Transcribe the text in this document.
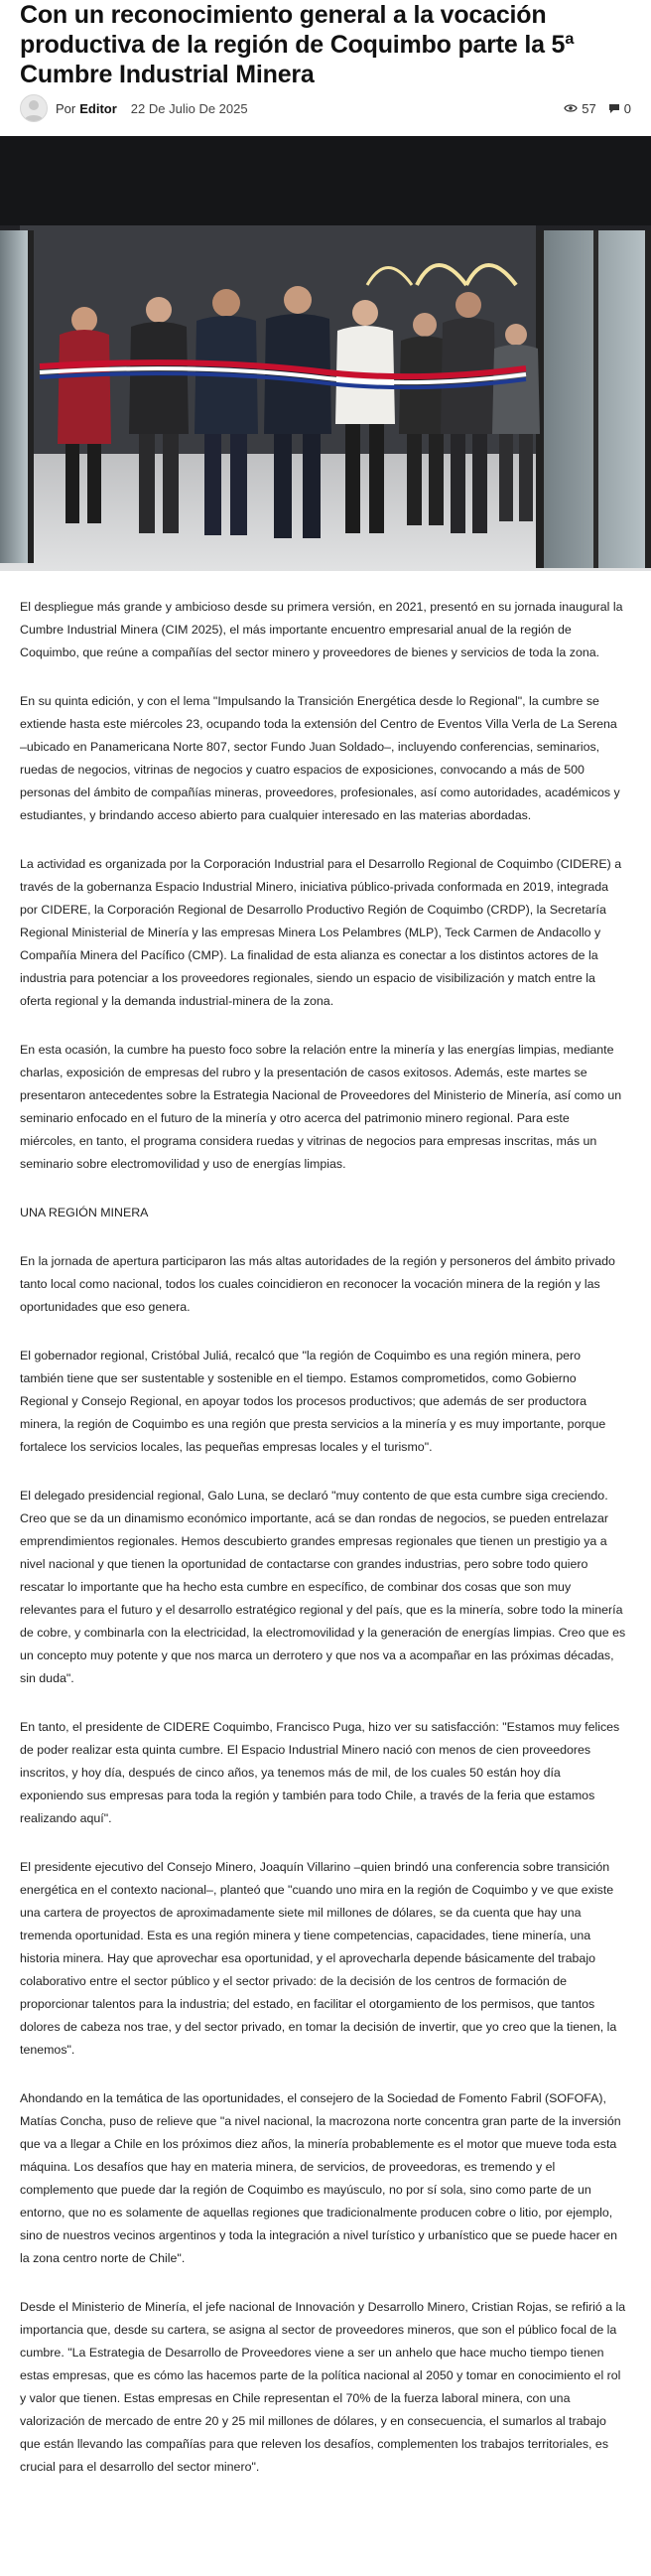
Con un reconocimiento general a la vocación productiva de la región de Coquimbo parte la 5ª Cumbre Industrial Minera
Por Editor 22 De Julio De 2025	57 0

El despliegue más grande y ambicioso desde su primera versión, en 2021, presentó en su jornada inaugural la Cumbre Industrial Minera (CIM 2025), el más importante encuentro empresarial anual de la región de Coquimbo, que reúne a compañías del sector minero y proveedores de bienes y servicios de toda la zona.

En su quinta edición, y con el lema "Impulsando la Transición Energética desde lo Regional", la cumbre se extiende hasta este miércoles 23, ocupando toda la extensión del Centro de Eventos Villa Verla de La Serena –ubicado en Panamericana Norte 807, sector Fundo Juan Soldado–, incluyendo conferencias, seminarios, ruedas de negocios, vitrinas de negocios y cuatro espacios de exposiciones, convocando a más de 500 personas del ámbito de compañías mineras, proveedores, profesionales, así como autoridades, académicos y estudiantes, y brindando acceso abierto para cualquier interesado en las materias abordadas.

La actividad es organizada por la Corporación Industrial para el Desarrollo Regional de Coquimbo (CIDERE) a través de la gobernanza Espacio Industrial Minero, iniciativa público-privada conformada en 2019, integrada por CIDERE, la Corporación Regional de Desarrollo Productivo Región de Coquimbo (CRDP), la Secretaría Regional Ministerial de Minería y las empresas Minera Los Pelambres (MLP), Teck Carmen de Andacollo y Compañía Minera del Pacífico (CMP). La finalidad de esta alianza es conectar a los distintos actores de la industria para potenciar a los proveedores regionales, siendo un espacio de visibilización y match entre la oferta regional y la demanda industrial-minera de la zona.

En esta ocasión, la cumbre ha puesto foco sobre la relación entre la minería y las energías limpias, mediante charlas, exposición de empresas del rubro y la presentación de casos exitosos. Además, este martes se presentaron antecedentes sobre la Estrategia Nacional de Proveedores del Ministerio de Minería, así como un seminario enfocado en el futuro de la minería y otro acerca del patrimonio minero regional. Para este miércoles, en tanto, el programa considera ruedas y vitrinas de negocios para empresas inscritas, más un seminario sobre electromovilidad y uso de energías limpias.

UNA REGIÓN MINERA

En la jornada de apertura participaron las más altas autoridades de la región y personeros del ámbito privado tanto local como nacional, todos los cuales coincidieron en reconocer la vocación minera de la región y las oportunidades que eso genera.

El gobernador regional, Cristóbal Juliá, recalcó que "la región de Coquimbo es una región minera, pero también tiene que ser sustentable y sostenible en el tiempo. Estamos comprometidos, como Gobierno Regional y Consejo Regional, en apoyar todos los procesos productivos; que además de ser productora minera, la región de Coquimbo es una región que presta servicios a la minería y es muy importante, porque fortalece los servicios locales, las pequeñas empresas locales y el turismo".

El delegado presidencial regional, Galo Luna, se declaró "muy contento de que esta cumbre siga creciendo. Creo que se da un dinamismo económico importante, acá se dan rondas de negocios, se pueden entrelazar emprendimientos regionales. Hemos descubierto grandes empresas regionales que tienen un prestigio ya a nivel nacional y que tienen la oportunidad de contactarse con grandes industrias, pero sobre todo quiero rescatar lo importante que ha hecho esta cumbre en específico, de combinar dos cosas que son muy relevantes para el futuro y el desarrollo estratégico regional y del país, que es la minería, sobre todo la minería de cobre, y combinarla con la electricidad, la electromovilidad y la generación de energías limpias. Creo que es un concepto muy potente y que nos marca un derrotero y que nos va a acompañar en las próximas décadas, sin duda".

En tanto, el presidente de CIDERE Coquimbo, Francisco Puga, hizo ver su satisfacción: "Estamos muy felices de poder realizar esta quinta cumbre. El Espacio Industrial Minero nació con menos de cien proveedores inscritos, y hoy día, después de cinco años, ya tenemos más de mil, de los cuales 50 están hoy día exponiendo sus empresas para toda la región y también para todo Chile, a través de la feria que estamos realizando aquí".

El presidente ejecutivo del Consejo Minero, Joaquín Villarino –quien brindó una conferencia sobre transición energética en el contexto nacional–, planteó que "cuando uno mira en la región de Coquimbo y ve que existe una cartera de proyectos de aproximadamente siete mil millones de dólares, se da cuenta que hay una tremenda oportunidad. Esta es una región minera y tiene competencias, capacidades, tiene minería, una historia minera. Hay que aprovechar esa oportunidad, y el aprovecharla depende básicamente del trabajo colaborativo entre el sector público y el sector privado: de la decisión de los centros de formación de proporcionar talentos para la industria; del estado, en facilitar el otorgamiento de los permisos, que tantos dolores de cabeza nos trae, y del sector privado, en tomar la decisión de invertir, que yo creo que la tienen, la tenemos".

Ahondando en la temática de las oportunidades, el consejero de la Sociedad de Fomento Fabril (SOFOFA), Matías Concha, puso de relieve que "a nivel nacional, la macrozona norte concentra gran parte de la inversión que va a llegar a Chile en los próximos diez años, la minería probablemente es el motor que mueve toda esta máquina. Los desafíos que hay en materia minera, de servicios, de proveedoras, es tremendo y el complemento que puede dar la región de Coquimbo es mayúsculo, no por sí sola, sino como parte de un entorno, que no es solamente de aquellas regiones que tradicionalmente producen cobre o litio, por ejemplo, sino de nuestros vecinos argentinos y toda la integración a nivel turístico y urbanístico que se puede hacer en la zona centro norte de Chile".

Desde el Ministerio de Minería, el jefe nacional de Innovación y Desarrollo Minero, Cristian Rojas, se refirió a la importancia que, desde su cartera, se asigna al sector de proveedores mineros, que son el público focal de la cumbre. "La Estrategia de Desarrollo de Proveedores viene a ser un anhelo que hace mucho tiempo tienen estas empresas, que es cómo las hacemos parte de la política nacional al 2050 y tomar en conocimiento el rol y valor que tienen. Estas empresas en Chile representan el 70% de la fuerza laboral minera, con una valorización de mercado de entre 20 y 25 mil millones de dólares, y en consecuencia, el sumarlos al trabajo que están llevando las compañías para que releven los desafíos, complementen los trabajos territoriales, es crucial para el desarrollo del sector minero".
